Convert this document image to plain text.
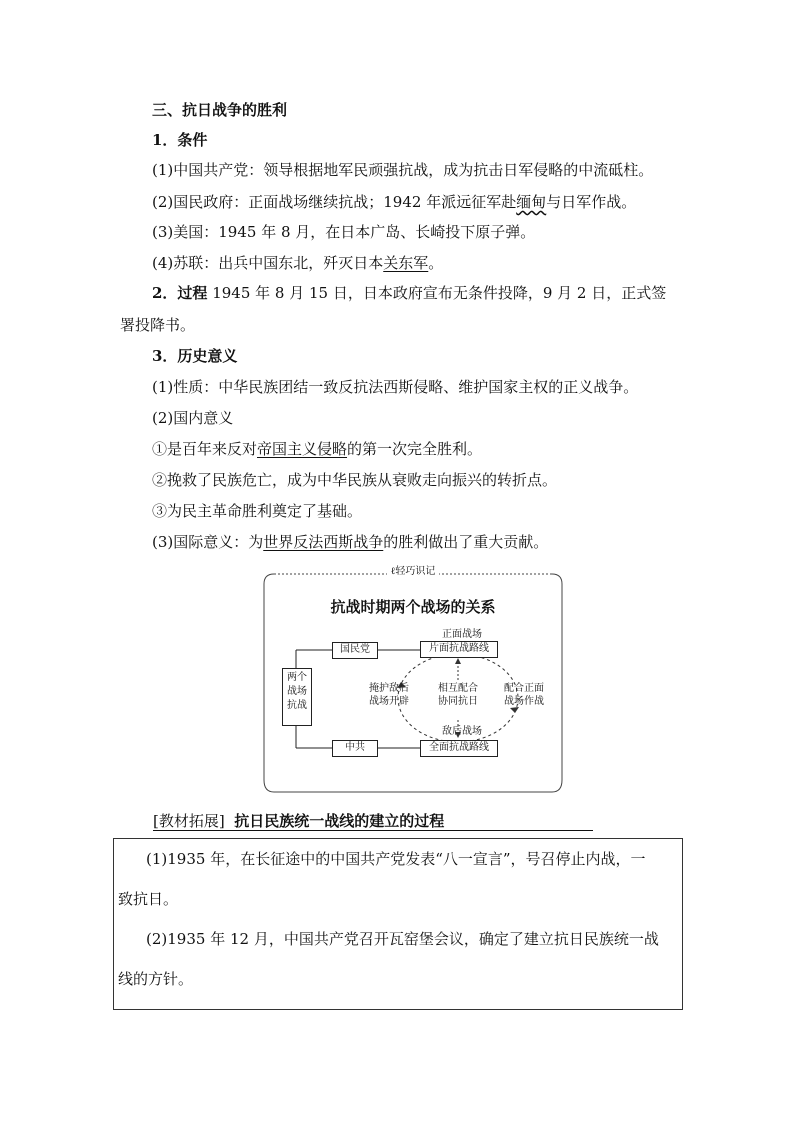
三、抗日战争的胜利
1．条件
(1)中国共产党：领导根据地军民顽强抗战，成为抗击日军侵略的中流砥柱。
(2)国民政府：正面战场继续抗战；1942 年派远征军赴缅甸与日军作战。
(3)美国：1945 年 8 月，在日本广岛、长崎投下原子弹。
(4)苏联：出兵中国东北，歼灭日本关东军。
2．过程 1945 年 8 月 15 日，日本政府宣布无条件投降，9 月 2 日，正式签
署投降书。
3．历史意义
(1)性质：中华民族团结一致反抗法西斯侵略、维护国家主权的正义战争。
(2)国内意义
①是百年来反对帝国主义侵略的第一次完全胜利。
②挽救了民族危亡，成为中华民族从衰败走向振兴的转折点。
③为民主革命胜利奠定了基础。
(3)国际意义：为世界反法西斯战争的胜利做出了重大贡献。
ℓ轻巧识记
抗战时期两个战场的关系
两个战场抗战
国民党
中共
正面战场
片面抗战路线
敌后战场
全面抗战路线
掩护敌后
战场开辟
相互配合
协同抗日
配合正面
战场作战
[教材拓展] 抗日民族统一战线的建立的过程
(1)1935 年，在长征途中的中国共产党发表“八一宣言”，号召停止内战，一
致抗日。
(2)1935 年 12 月，中国共产党召开瓦窑堡会议，确定了建立抗日民族统一战
线的方针。
